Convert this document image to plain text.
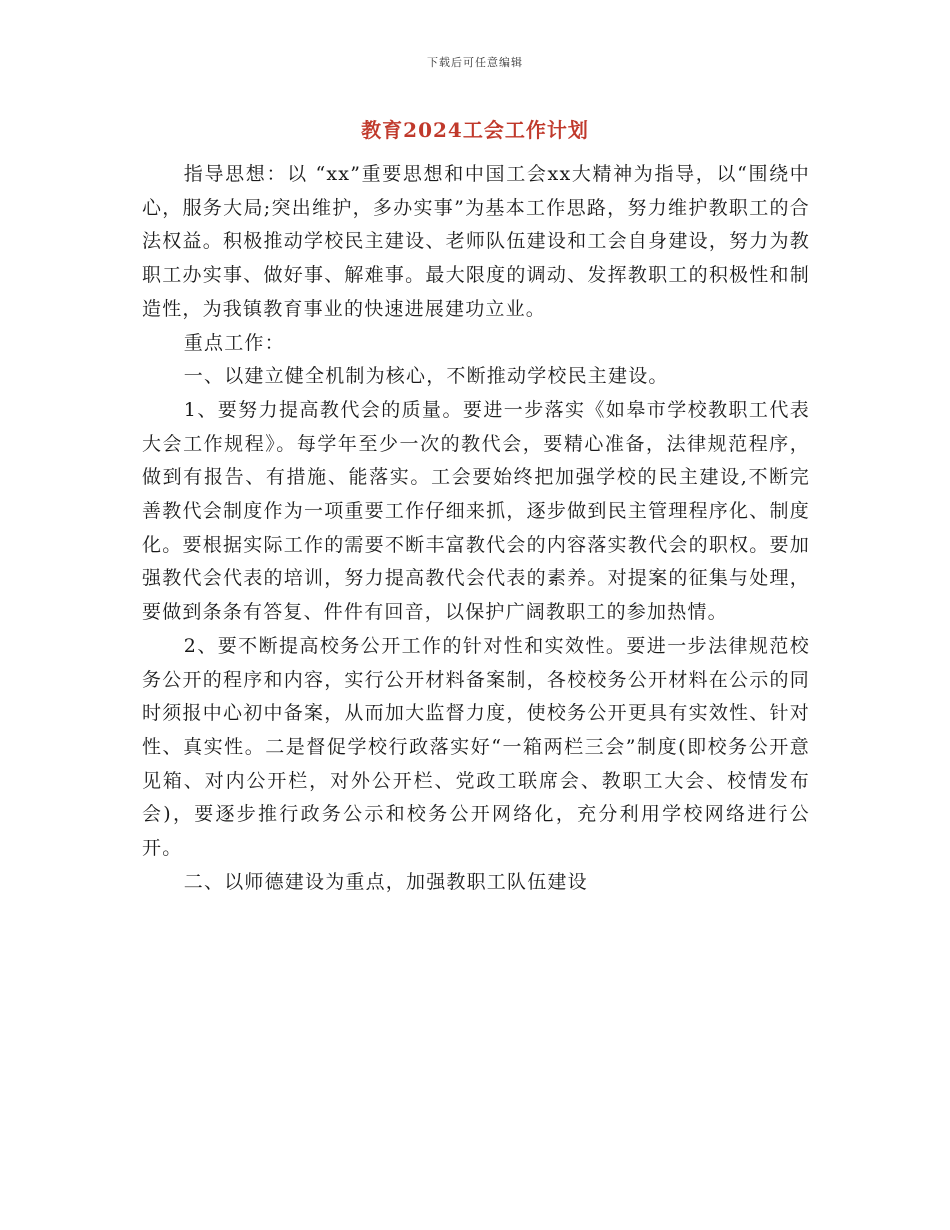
下载后可任意编辑
教育2024工会工作计划

指导思想：以 “xx”重要思想和中国工会xx大精神为指导，以“围绕中心，服务大局;突出维护，多办实事”为基本工作思路，努力维护教职工的合法权益。积极推动学校民主建设、老师队伍建设和工会自身建设，努力为教职工办实事、做好事、解难事。最大限度的调动、发挥教职工的积极性和制造性，为我镇教育事业的快速进展建功立业。

重点工作：

一、以建立健全机制为核心，不断推动学校民主建设。

1、要努力提高教代会的质量。要进一步落实《如皋市学校教职工代表大会工作规程》。每学年至少一次的教代会，要精心准备，法律规范程序，做到有报告、有措施、能落实。工会要始终把加强学校的民主建设,不断完善教代会制度作为一项重要工作仔细来抓，逐步做到民主管理程序化、制度化。要根据实际工作的需要不断丰富教代会的内容落实教代会的职权。要加强教代会代表的培训，努力提高教代会代表的素养。对提案的征集与处理，要做到条条有答复、件件有回音，以保护广阔教职工的参加热情。

2、要不断提高校务公开工作的针对性和实效性。要进一步法律规范校务公开的程序和内容，实行公开材料备案制，各校校务公开材料在公示的同时须报中心初中备案，从而加大监督力度，使校务公开更具有实效性、针对性、真实性。二是督促学校行政落实好“一箱两栏三会”制度(即校务公开意见箱、对内公开栏，对外公开栏、党政工联席会、教职工大会、校情发布会)，要逐步推行政务公示和校务公开网络化，充分利用学校网络进行公开。

二、以师德建设为重点，加强教职工队伍建设
